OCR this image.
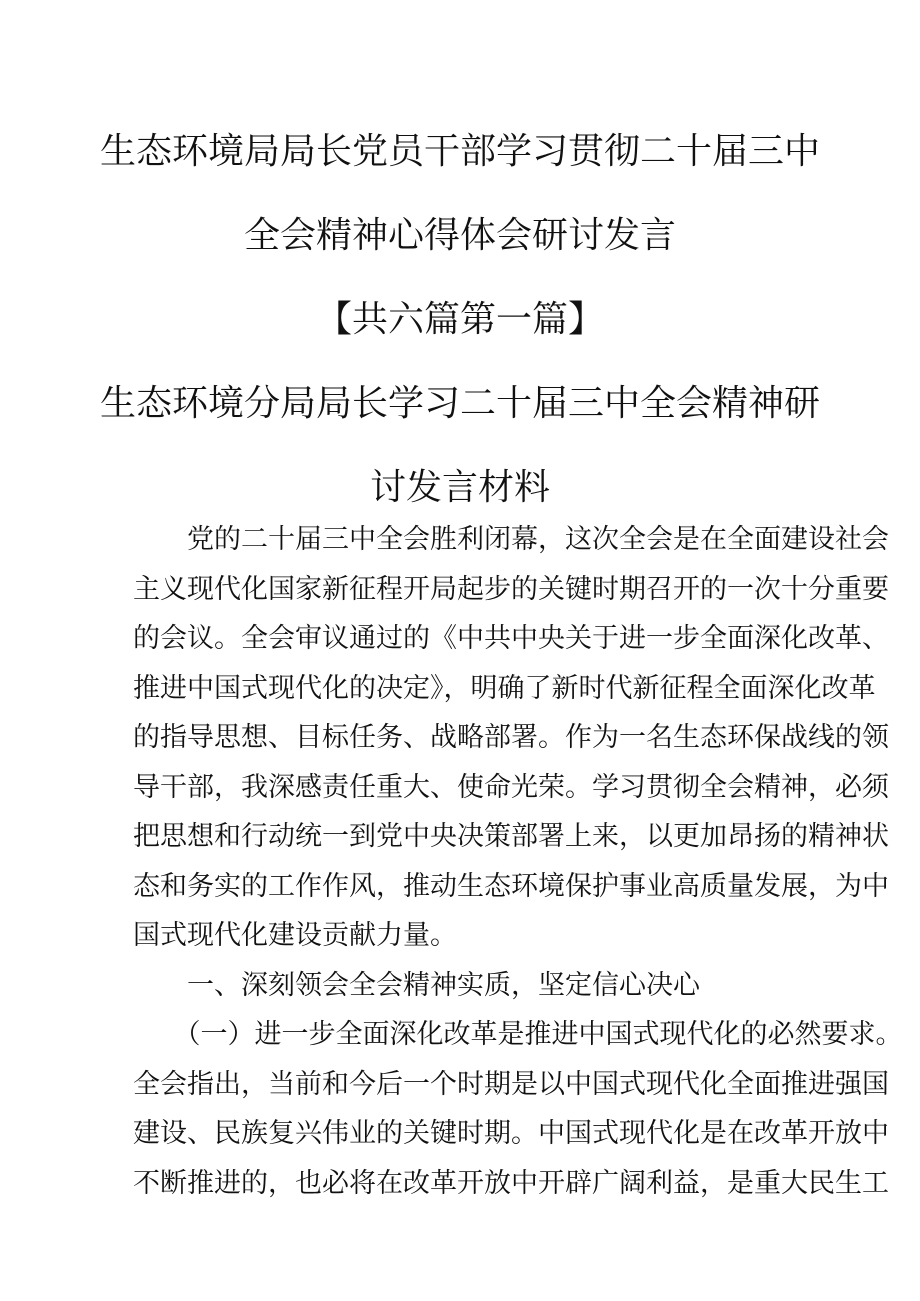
生态环境局局长党员干部学习贯彻二十届三中
全会精神心得体会研讨发言
【共六篇第一篇】
生态环境分局局长学习二十届三中全会精神研
讨发言材料
　　党的二十届三中全会胜利闭幕，这次全会是在全面建设社会
主义现代化国家新征程开局起步的关键时期召开的一次十分重要
的会议。全会审议通过的《中共中央关于进一步全面深化改革、
推进中国式现代化的决定》，明确了新时代新征程全面深化改革
的指导思想、目标任务、战略部署。作为一名生态环保战线的领
导干部，我深感责任重大、使命光荣。学习贯彻全会精神，必须
把思想和行动统一到党中央决策部署上来，以更加昂扬的精神状
态和务实的工作作风，推动生态环境保护事业高质量发展，为中
国式现代化建设贡献力量。
　　一、深刻领会全会精神实质，坚定信心决心
　　（一）进一步全面深化改革是推进中国式现代化的必然要求。
全会指出，当前和今后一个时期是以中国式现代化全面推进强国
建设、民族复兴伟业的关键时期。中国式现代化是在改革开放中
不断推进的，也必将在改革开放中开辟广阔利益，是重大民生工
